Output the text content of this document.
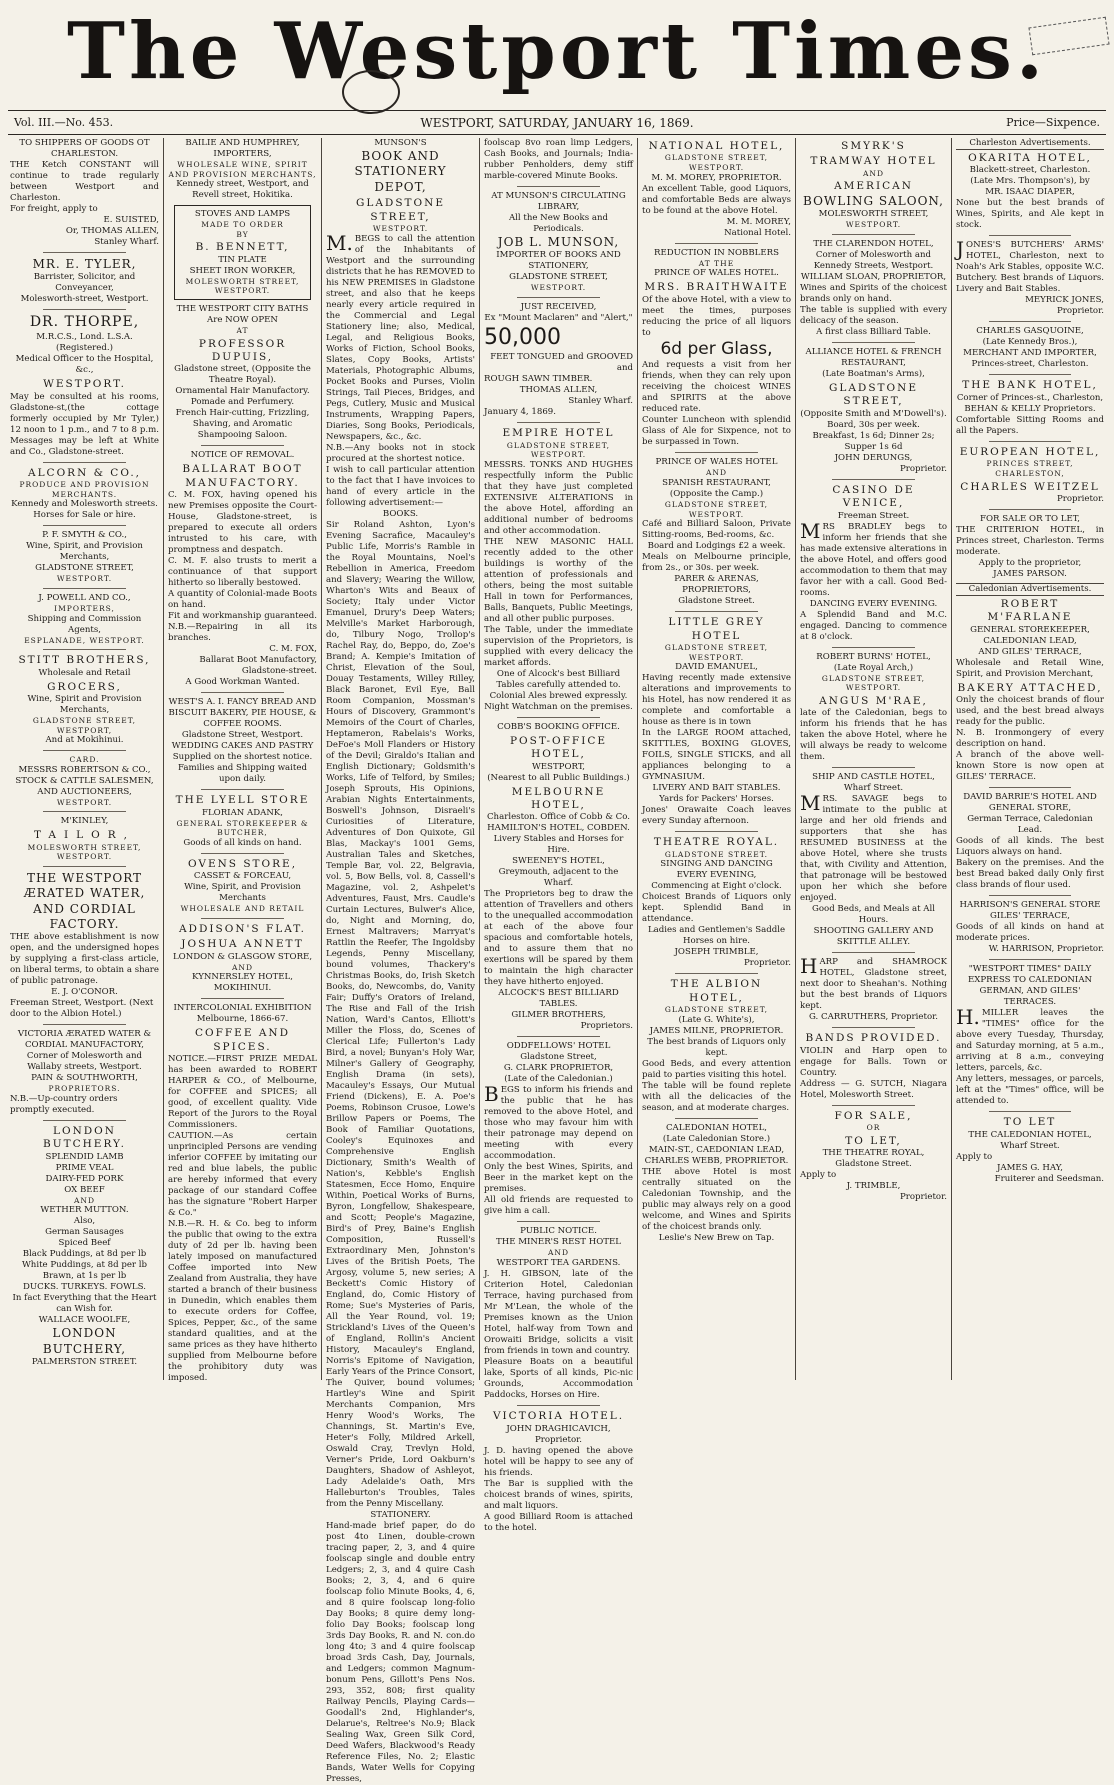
The Westport Times.
Vol. III.—No. 453.	WESTPORT, SATURDAY, JANUARY 16, 1869.	Price—Sixpence.
TO SHIPPERS OF GOODS OT CHARLESTON.
THE Ketch CONSTANT will continue to trade regularly between Westport and Charleston.
For freight, apply to
E. SUISTED,
Or, THOMAS ALLEN,
Stanley Wharf.
MR. E. TYLER,
Barrister, Solicitor, and Conveyancer,
Molesworth-street, Westport.
DR. THORPE,
M.R.C.S., Lond. L.S.A. (Registered.)
Medical Officer to the Hospital, &c.,
WESTPORT.
May be consulted at his rooms, Gladstone-st,(the cottage formerly occupied by Mr Tyler,) 12 noon to 1 p.m., and 7 to 8 p.m. Messages may be left at White and Co., Gladstone-street.
ALCORN & CO.,
PRODUCE AND PROVISION MERCHANTS.
Kennedy and Molesworth streets.
Horses for Sale or hire.
P. F. SMYTH & CO.,
Wine, Spirit, and Provision Merchants,
GLADSTONE STREET,
WESTPORT.
J. POWELL AND CO.,
IMPORTERS,
Shipping and Commission Agents,
ESPLANADE, WESTPORT.
STITT BROTHERS,
Wholesale and Retail
GROCERS,
Wine, Spirit and Provision Merchants,
GLADSTONE STREET, WESTPORT,
And at Mokihinui.
CARD.
MESSRS ROBERTSON & CO.,
STOCK & CATTLE SALESMEN,
AND AUCTIONEERS,
WESTPORT.
M'KINLEY,
TAILOR,
MOLESWORTH STREET,
WESTPORT.
THE WESTPORT ÆRATED WATER, AND CORDIAL FACTORY.
THE above establishment is now open, and the undersigned hopes by supplying a first-class article, on liberal terms, to obtain a share of public patronage.
E. J. O'CONOR.
Freeman Street, Westport. (Next door to the Albion Hotel.)
VICTORIA ÆRATED WATER & CORDIAL MANUFACTORY,
Corner of Molesworth and Wallaby streets, Westport.
PAIN & SOUTHWORTH,
PROPRIETORS.
N.B.—Up-country orders promptly executed.
LONDON BUTCHERY.
SPLENDID LAMB
PRIME VEAL
DAIRY-FED PORK
OX BEEF
AND
WETHER MUTTON.
Also,
German Sausages
Spiced Beef
Black Puddings, at 8d per lb
White Puddings, at 8d per lb
Brawn, at 1s per lb
DUCKS. TURKEYS. FOWLS.
In fact Everything that the Heart can Wish for.
WALLACE WOOLFE,
LONDON BUTCHERY,
PALMERSTON STREET.
BAILIE AND HUMPHREY, IMPORTERS,
WHOLESALE WINE, SPIRIT AND PROVISION MERCHANTS,
Kennedy street, Westport, and Revell street, Hokitika.
STOVES AND LAMPS
MADE TO ORDER
BY
B. BENNETT,
TIN PLATE
SHEET IRON WORKER,
MOLESWORTH STREET, WESTPORT.
THE WESTPORT CITY BATHS Are NOW OPEN
AT
PROFESSOR DUPUIS,
Gladstone street, (Opposite the Theatre Royal).
Ornamental Hair Manufactory. Pomade and Perfumery.
French Hair-cutting, Frizzling, Shaving, and Aromatic Shampooing Saloon.
NOTICE OF REMOVAL.
BALLARAT BOOT MANUFACTORY.
C. M. FOX, having opened his new Premises opposite the Court-House, Gladstone-street, is prepared to execute all orders intrusted to his care, with promptness and despatch.
C. M. F. also trusts to merit a continuance of that support hitherto so liberally bestowed.
A quantity of Colonial-made Boots on hand.
Fit and workmanship guaranteed. N.B.—Repairing in all its branches.
C. M. FOX,
Ballarat Boot Manufactory, Gladstone-street.
A Good Workman Wanted.
WEST'S A. I. FANCY BREAD AND BISCUIT BAKERY, PIE HOUSE, & COFFEE ROOMS.
Gladstone Street, Westport.
WEDDING CAKES AND PASTRY
Supplied on the shortest notice.
Families and Shipping waited upon daily.
THE LYELL STORE
FLORIAN ADANK,
GENERAL STOREKEEPER & BUTCHER,
Goods of all kinds on hand.
OVENS STORE,
CASSET & FORCEAU,
Wine, Spirit, and Provision Merchants
WHOLESALE AND RETAIL
ADDISON'S FLAT.
JOSHUA ANNETT
LONDON & GLASGOW STORE,
AND
KYNNERSLEY HOTEL,
MOKIHINUI.
INTERCOLONIAL EXHIBITION
Melbourne, 1866-67.
COFFEE AND SPICES.
NOTICE.—FIRST PRIZE MEDAL has been awarded to ROBERT HARPER & CO., of Melbourne, for COFFEE and SPICES; all good, of excellent quality. Vide Report of the Jurors to the Royal Commissioners.
CAUTION.—As certain unprincipled Persons are vending inferior COFFEE by imitating our red and blue labels, the public are hereby informed that every package of our standard Coffee has the signature "Robert Harper & Co."
N.B.—R. H. & Co. beg to inform the public that owing to the extra duty of 2d per lb. having been lately imposed on manufactured Coffee imported into New Zealand from Australia, they have started a branch of their business in Dunedin, which enables them to execute orders for Coffee, Spices, Pepper, &c., of the same standard qualities, and at the same prices as they have hitherto supplied from Melbourne before the prohibitory duty was imposed.
MUNSON'S
BOOK AND STATIONERY DEPOT,
GLADSTONE STREET,
WESTPORT.
M.BEGS to call the attention of the Inhabitants of Westport and the surrounding districts that he has REMOVED to his NEW PREMISES in Gladstone street, and also that he keeps nearly every article required in the Commercial and Legal Stationery line; also, Medical, Legal, and Religious Books, Works of Fiction, School Books, Slates, Copy Books, Artists' Materials, Photographic Albums, Pocket Books and Purses, Violin Strings, Tail Pieces, Bridges, and Pegs, Cutlery, Music and Musical Instruments, Wrapping Papers, Diaries, Song Books, Periodicals, Newspapers, &c., &c.
N.B.—Any books not in stock procured at the shortest notice.
I wish to call particular attention to the fact that I have invoices to hand of every article in the following advertisement:—
BOOKS.
Sir Roland Ashton, Lyon's Evening Sacrafice, Macauley's Public Life, Morris's Ramble in the Royal Mountains, Noel's Rebellion in America, Freedom and Slavery; Wearing the Willow, Wharton's Wits and Beaux of Society; Italy under Victor Emanuel, Drury's Deep Waters; Melville's Market Harborough, do, Tilbury Nogo, Trollop's Rachel Ray, do, Beppo, do, Zoe's Brand; A. Kempie's Imitation of Christ, Elevation of the Soul, Douay Testaments, Willey Rilley, Black Baronet, Evil Eye, Ball Room Companion, Mossman's Hours of Discovery, Grammont's Memoirs of the Court of Charles, Heptameron, Rabelais's Works, DeFoe's Moll Flanders or History of the Devil; Giraldo's Italian and English Dictionary; Goldsmith's Works, Life of Telford, by Smiles; Joseph Sprouts, His Opinions, Arabian Nights Entertainments, Boswell's Johnson, Disraeli's Curiosities of Literature, Adventures of Don Quixote, Gil Blas, Mackay's 1001 Gems, Australian Tales and Sketches, Temple Bar, vol. 22, Belgravia, vol. 5, Bow Bells, vol. 8, Cassell's Magazine, vol. 2, Ashpelet's Adventures, Faust, Mrs. Caudle's Curtain Lectures, Bulwer's Alice, do, Night and Morning, do, Ernest Maltravers; Marryat's Rattlin the Reefer, The Ingoldsby Legends, Penny Miscellany, bound volumes, Thackery's Christmas Books, do, Irish Sketch Books, do, Newcombs, do, Vanity Fair; Duffy's Orators of Ireland, The Rise and Fall of the Irish Nation, Ward's Cantos, Elliott's Miller the Floss, do, Scenes of Clerical Life; Fullerton's Lady Bird, a novel; Bunyan's Holy War, Milner's Gallery of Geography, English Drama (in sets), Macauley's Essays, Our Mutual Friend (Dickens), E. A. Poe's Poems, Robinson Crusoe, Lowe's Brillow Papers or Poems, The Book of Familiar Quotations, Cooley's Equinoxes and Comprehensive English Dictionary, Smith's Wealth of Nation's, Kebble's English Statesmen, Ecce Homo, Enquire Within, Poetical Works of Burns, Byron, Longfellow, Shakespeare, and Scott; People's Magazine, Bird's of Prey, Baine's English Composition, Russell's Extraordinary Men, Johnston's Lives of the British Poets, The Argosy, volume 5, new series; A Beckett's Comic History of England, do, Comic History of Rome; Sue's Mysteries of Paris, All the Year Round, vol. 19; Strickland's Lives of the Queen's of England, Rollin's Ancient History, Macauley's England, Norris's Epitome of Navigation, Early Years of the Prince Consort, The Quiver, bound volumes; Hartley's Wine and Spirit Merchants Companion, Mrs Henry Wood's Works, The Channings, St. Martin's Eve, Heter's Folly, Mildred Arkell, Oswald Cray, Trevlyn Hold, Verner's Pride, Lord Oakburn's Daughters, Shadow of Ashleyot, Lady Adelaide's Oath, Mrs Halleburton's Troubles, Tales from the Penny Miscellany.
STATIONERY.
Hand-made brief paper, do do post 4to Linen, double-crown tracing paper, 2, 3, and 4 quire foolscap single and double entry Ledgers; 2, 3, and 4 quire Cash Books; 2, 3, 4, and 6 quire foolscap folio Minute Books, 4, 6, and 8 quire foolscap long-folio Day Books; 8 quire demy long-folio Day Books; foolscap long 3rds Day Books, R. and N. con.do long 4to; 3 and 4 quire foolscap broad 3rds Cash, Day, Journals, and Ledgers; common Magnum-bonum Pens, Gillott's Pens Nos. 293, 352, 808; first quality Railway Pencils, Playing Cards—Goodall's 2nd, Highlander's, Delarue's, Reltree's No.9; Black Sealing Wax, Green Silk Cord, Deed Wafers, Blackwood's Ready Reference Files, No. 2; Elastic Bands, Water Wells for Copying Presses,
foolscap 8vo roan limp Ledgers, Cash Books, and Journals; India-rubber Penholders, demy stiff marble-covered Minute Books.
AT MUNSON'S CIRCULATING LIBRARY,
All the New Books and Periodicals.
JOB L. MUNSON,
IMPORTER OF BOOKS AND STATIONERY,
GLADSTONE STREET,
WESTPORT.
JUST RECEIVED,
Ex "Mount Maclaren" and "Alert,"
50,000
FEET TONGUED and GROOVED and
ROUGH SAWN TIMBER.
THOMAS ALLEN,
Stanley Wharf.
January 4, 1869.
EMPIRE HOTEL
GLADSTONE STREET, WESTPORT.
MESSRS. TONKS AND HUGHES respectfully inform the Public that they have just completed EXTENSIVE ALTERATIONS in the above Hotel, affording an additional number of bedrooms and other accommodation.
THE NEW MASONIC HALL recently added to the other buildings is worthy of the attention of professionals and others, being the most suitable Hall in town for Performances, Balls, Banquets, Public Meetings, and all other public purposes.
The Table, under the immediate supervision of the Proprietors, is supplied with every delicacy the market affords.
One of Alcock's best Billiard Tables carefully attended to.
Colonial Ales brewed expressly.
Night Watchman on the premises.
COBB'S BOOKING OFFICE.
POST-OFFICE HOTEL,
WESTPORT,
(Nearest to all Public Buildings.)
MELBOURNE HOTEL,
Charleston. Office of Cobb & Co.
HAMILTON'S HOTEL, COBDEN.
Livery Stables and Horses for Hire.
SWEENEY'S HOTEL,
Greymouth, adjacent to the Wharf.
The Proprietors beg to draw the attention of Travellers and others to the unequalled accommodation at each of the above four spacious and comfortable hotels, and to assure them that no exertions will be spared by them to maintain the high character they have hitherto enjoyed.
ALCOCK'S BEST BILLIARD TABLES.
GILMER BROTHERS,
Proprietors.
ODDFELLOWS' HOTEL
Gladstone Street,
G. CLARK PROPRIETOR,
(Late of the Caledonian.)
BEGS to inform his friends and the public that he has removed to the above Hotel, and those who may favour him with their patronage may depend on meeting with every accommodation.
Only the best Wines, Spirits, and Beer in the market kept on the premises.
All old friends are requested to give him a call.
PUBLIC NOTICE.
THE MINER'S REST HOTEL
AND
WESTPORT TEA GARDENS.
J. H. GIBSON, late of the Criterion Hotel, Caledonian Terrace, having purchased from Mr M'Lean, the whole of the Premises known as the Union Hotel, half-way from Town and Orowaiti Bridge, solicits a visit from friends in town and country.
Pleasure Boats on a beautiful lake, Sports of all kinds, Pic-nic Grounds, Accommodation Paddocks, Horses on Hire.
VICTORIA HOTEL.
JOHN DRAGHICAVICH,
Proprietor.
J. D. having opened the above hotel will be happy to see any of his friends.
The Bar is supplied with the choicest brands of wines, spirits, and malt liquors.
A good Billiard Room is attached to the hotel.
NATIONAL HOTEL,
GLADSTONE STREET,
WESTPORT.
M. M. MOREY, PROPRIETOR.
An excellent Table, good Liquors, and comfortable Beds are always to be found at the above Hotel.
M. M. MOREY,
National Hotel.
REDUCTION IN NOBBLERS
AT THE
PRINCE OF WALES HOTEL.
MRS. BRAITHWAITE
Of the above Hotel, with a view to meet the times, purposes reducing the price of all liquors to
6d per Glass,
And requests a visit from her friends, when they can rely upon receiving the choicest WINES and SPIRITS at the above reduced rate.
Counter Luncheon with splendid Glass of Ale for Sixpence, not to be surpassed in Town.
PRINCE OF WALES HOTEL
AND
SPANISH RESTAURANT,
(Opposite the Camp.)
GLADSTONE STREET, WESTPORT.
Café and Billiard Saloon, Private Sitting-rooms, Bed-rooms, &c.
Board and Lodgings £2 a week.
Meals on Melbourne principle, from 2s., or 30s. per week.
PARER & ARENAS, PROPRIETORS,
Gladstone Street.
LITTLE GREY HOTEL
GLADSTONE STREET, WESTPORT.
DAVID EMANUEL,
Having recently made extensive alterations and improvements to his Hotel, has now rendered it as complete and comfortable a house as there is in town
In the LARGE ROOM attached, SKITTLES, BOXING GLOVES, FOILS, SINGLE STICKS, and all appliances belonging to a GYMNASIUM.
LIVERY AND BAIT STABLES.
Yards for Packers' Horses.
Jones' Orawaite Coach leaves every Sunday afternoon.
THEATRE ROYAL.
GLADSTONE STREET.
SINGING AND DANCING
EVERY EVENING,
Commencing at Eight o'clock.
Choicest Brands of Liquors only kept. Splendid Band in attendance.
Ladies and Gentlemen's Saddle Horses on hire.
JOSEPH TRIMBLE,
Proprietor.
THE ALBION HOTEL,
GLADSTONE STREET,
(Late G. White's),
JAMES MILNE, PROPRIETOR.
The best brands of Liquors only kept.
Good Beds, and every attention paid to parties visiting this hotel.
The table will be found replete with all the delicacies of the season, and at moderate charges.
CALEDONIAN HOTEL,
(Late Caledonian Store.)
MAIN-ST., CAEDONIAN LEAD,
CHARLES WEBB, PROPRIETOR.
THE above Hotel is most centrally situated on the Caledonian Township, and the public may always rely on a good welcome, and Wines and Spirits of the choicest brands only.
Leslie's New Brew on Tap.
SMYRK'S
TRAMWAY HOTEL
AND
AMERICAN
BOWLING SALOON,
MOLESWORTH STREET,
WESTPORT.
THE CLARENDON HOTEL,
Corner of Molesworth and Kennedy Streets, Westport.
WILLIAM SLOAN, PROPRIETOR,
Wines and Spirits of the choicest brands only on hand.
The table is supplied with every delicacy of the season.
A first class Billiard Table.
ALLIANCE HOTEL & FRENCH RESTAURANT,
(Late Boatman's Arms),
GLADSTONE STREET,
(Opposite Smith and M'Dowell's).
Board, 30s per week.
Breakfast, 1s 6d; Dinner 2s; Supper 1s 6d
JOHN DERUNGS,
Proprietor.
CASINO DE VENICE,
Freeman Street.
MRS BRADLEY begs to inform her friends that she has made extensive alterations in the above Hotel, and offers good accommodation to them that may favor her with a call. Good Bed-rooms.
DANCING EVERY EVENING.
A Splendid Band and M.C. engaged. Dancing to commence at 8 o'clock.
ROBERT BURNS' HOTEL,
(Late Royal Arch,)
GLADSTONE STREET, WESTPORT.
ANGUS M'RAE,
late of the Caledonian, begs to inform his friends that he has taken the above Hotel, where he will always be ready to welcome them.
SHIP AND CASTLE HOTEL,
Wharf Street.
MRS. SAVAGE begs to intimate to the public at large and her old friends and supporters that she has RESUMED BUSINESS at the above Hotel, where she trusts that, with Civility and Attention, that patronage will be bestowed upon her which she before enjoyed.
Good Beds, and Meals at All Hours.
SHOOTING GALLERY AND SKITTLE ALLEY.
HARP and SHAMROCK HOTEL, Gladstone street, next door to Sheahan's. Nothing but the best brands of Liquors kept.
G. CARRUTHERS, Proprietor.
BANDS PROVIDED.
VIOLIN and Harp open to engage for Balls. Town or Country.
Address — G. SUTCH, Niagara Hotel, Molesworth Street.
FOR SALE,
OR
TO LET,
THE THEATRE ROYAL,
Gladstone Street.
Apply to
J. TRIMBLE,
Proprietor.
Charleston Advertisements.
OKARITA HOTEL,
Blackett-street, Charleston.
(Late Mrs. Thompson's), by
MR. ISAAC DIAPER,
None but the best brands of Wines, Spirits, and Ale kept in stock.
JONES'S BUTCHERS' ARMS' HOTEL, Charleston, next to Noah's Ark Stables, opposite W.C. Butchery. Best brands of Liquors. Livery and Bait Stables.
MEYRICK JONES,
Proprietor.
CHARLES GASQUOINE,
(Late Kennedy Bros.),
MERCHANT AND IMPORTER,
Princes-street, Charleston.
THE BANK HOTEL,
Corner of Princes-st., Charleston,
BEHAN & KELLY Proprietors.
Comfortable Sitting Rooms and all the Papers.
EUROPEAN HOTEL,
PRINCES STREET, CHARLESTON,
CHARLES WEITZEL
Proprietor.
FOR SALE OR TO LET,
THE CRITERION HOTEL, in Princes street, Charleston. Terms moderate.
Apply to the proprietor,
JAMES PARSON.
Caledonian Advertisements.
ROBERT M'FARLANE
GENERAL STOREKEEPER,
CALEDONIAN LEAD,
AND GILES' TERRACE,
Wholesale and Retail Wine, Spirit, and Provision Merchant,
BAKERY ATTACHED,
Only the choicest brands of flour used, and the best bread always ready for the public.
N. B. Ironmongery of every description on hand.
A branch of the above well-known Store is now open at GILES' TERRACE.
DAVID BARRIE'S HOTEL AND GENERAL STORE,
German Terrace, Caledonian Lead.
Goods of all kinds. The best Liquors always on hand.
Bakery on the premises. And the best Bread baked daily Only first class brands of flour used.
HARRISON'S GENERAL STORE
GILES' TERRACE,
Goods of all kinds on hand at moderate prices.
W. HARRISON, Proprietor.
"WESTPORT TIMES" DAILY
EXPRESS TO CALEDONIAN
GERMAN, AND GILES' TERRACES.
H.MILLER leaves the "TIMES" office for the above every Tuesday, Thursday, and Saturday morning, at 5 a.m., arriving at 8 a.m., conveying letters, parcels, &c.
Any letters, messages, or parcels, left at the "Times" office, will be attended to.
TO LET
THE CALEDONIAN HOTEL,
Wharf Street.
Apply to
JAMES G. HAY,
Fruiterer and Seedsman.
